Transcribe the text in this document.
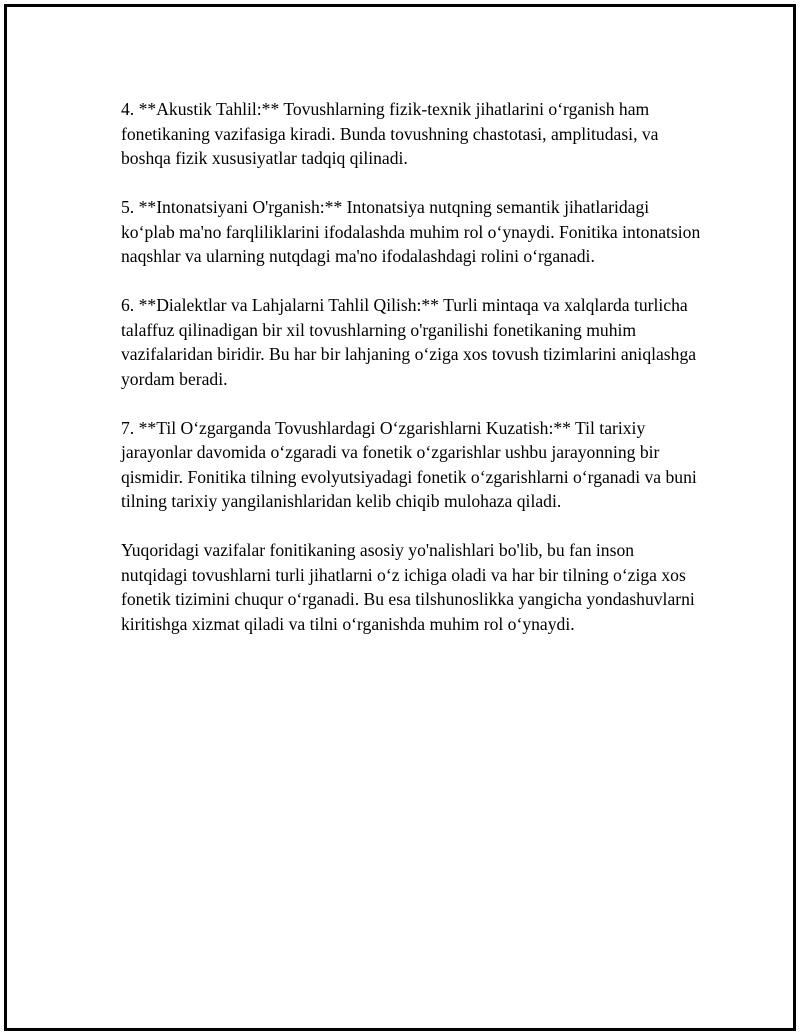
4. **Akustik Tahlil:** Tovushlarning fizik-texnik jihatlarini oʻrganish ham fonetikaning vazifasiga kiradi. Bunda tovushning chastotasi, amplitudasi, va boshqa fizik xususiyatlar tadqiq qilinadi.

5. **Intonatsiyani O'rganish:** Intonatsiya nutqning semantik jihatlaridagi koʻplab ma'no farqliliklarini ifodalashda muhim rol oʻynaydi. Fonitika intonatsion naqshlar va ularning nutqdagi ma'no ifodalashdagi rolini oʻrganadi.

6. **Dialektlar va Lahjalarni Tahlil Qilish:** Turli mintaqa va xalqlarda turlicha talaffuz qilinadigan bir xil tovushlarning o'rganilishi fonetikaning muhim vazifalaridan biridir. Bu har bir lahjaning oʻziga xos tovush tizimlarini aniqlashga yordam beradi.

7. **Til Oʻzgarganda Tovushlardagi Oʻzgarishlarni Kuzatish:** Til tarixiy jarayonlar davomida oʻzgaradi va fonetik oʻzgarishlar ushbu jarayonning bir qismidir. Fonitika tilning evolyutsiyadagi fonetik oʻzgarishlarni oʻrganadi va buni tilning tarixiy yangilanishlaridan kelib chiqib mulohaza qiladi.

Yuqoridagi vazifalar fonitikaning asosiy yo'nalishlari bo'lib, bu fan inson nutqidagi tovushlarni turli jihatlarni oʻz ichiga oladi va har bir tilning oʻziga xos fonetik tizimini chuqur oʻrganadi. Bu esa tilshunoslikka yangicha yondashuvlarni kiritishga xizmat qiladi va tilni oʻrganishda muhim rol oʻynaydi.
